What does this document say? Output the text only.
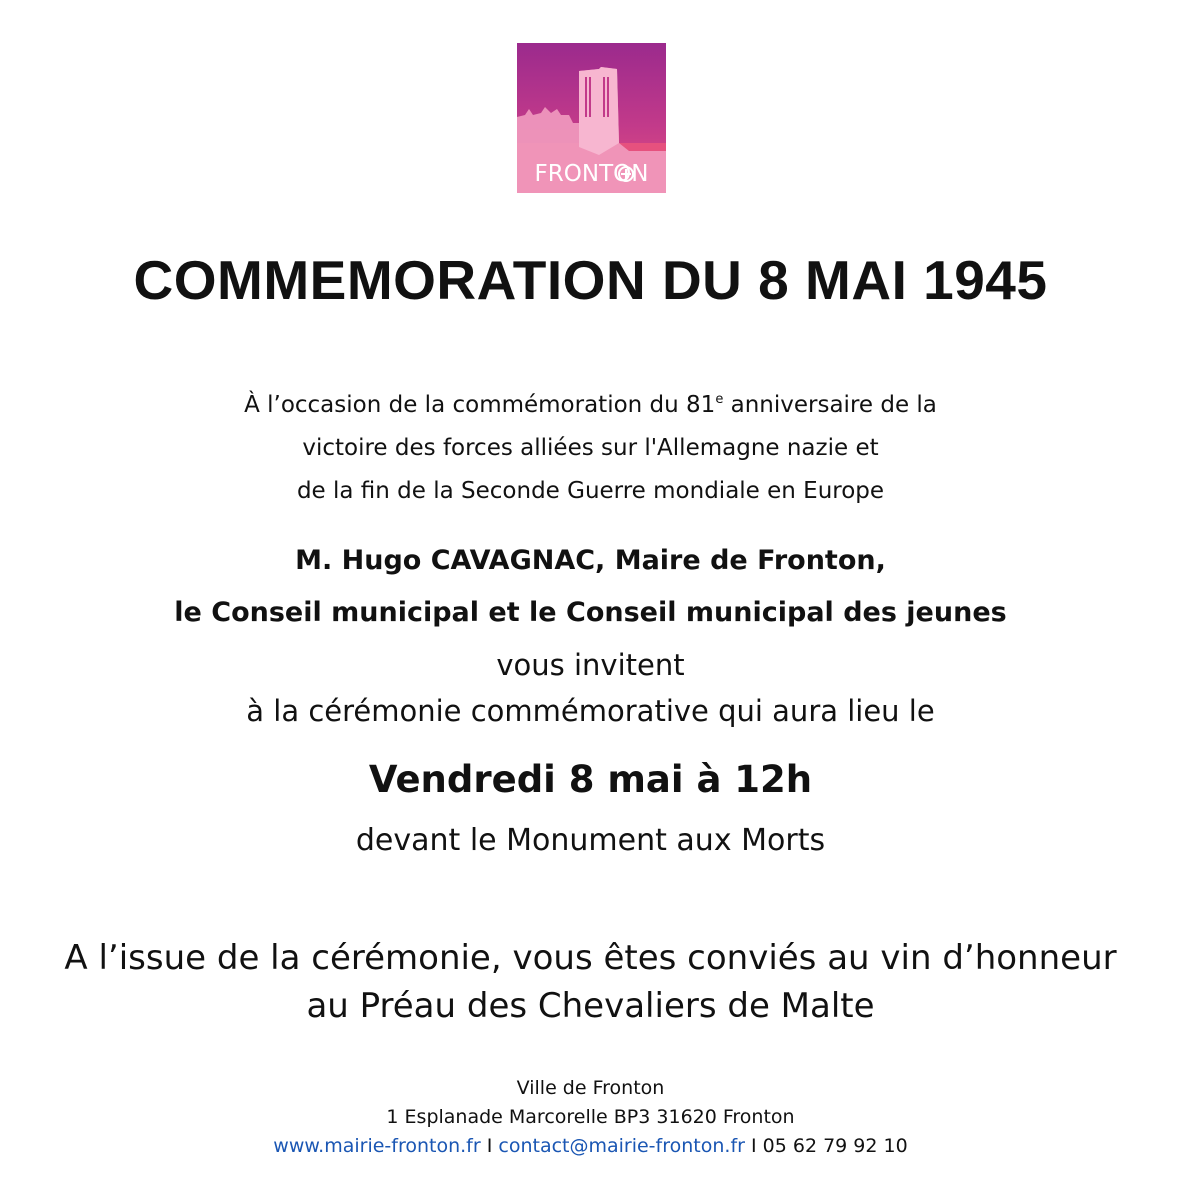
FRONTON
COMMEMORATION DU 8 MAI 1945

À l’occasion de la commémoration du 81e anniversaire de la

victoire des forces alliées sur l'Allemagne nazie et

de la fin de la Seconde Guerre mondiale en Europe

M. Hugo CAVAGNAC, Maire de Fronton,

le Conseil municipal et le Conseil municipal des jeunes

vous invitent

à la cérémonie commémorative qui aura lieu le

Vendredi 8 mai à 12h

devant le Monument aux Morts

A l’issue de la cérémonie, vous êtes conviés au vin d’honneur

au Préau des Chevaliers de Malte

Ville de Fronton

1 Esplanade Marcorelle BP3 31620 Fronton

www.mairie-fronton.fr I contact@mairie-fronton.fr I 05 62 79 92 10
